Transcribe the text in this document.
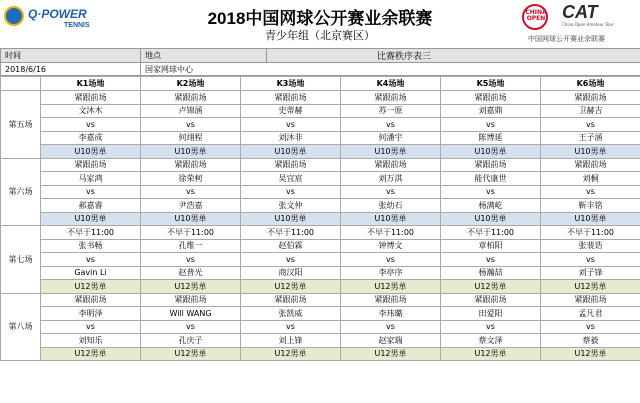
Q·POWER
TENNIS	2018中国网球公开赛业余联赛
青少年组（北京赛区）
CHINA OPEN CAT
China Open Amateur Tour
中国网球公开赛业余联赛
时间	地点	比赛秩序表三
2018/6/16	国家网球中心	
	K1场地	K2场地	K3场地	K4场地	K5场地	K6场地
第五场	紧跟前场	紧跟前场	紧跟前场	紧跟前场	紧跟前场	紧跟前场
	文沐木	卢锦涵	史蒂赫	苏一原	刘嘉鼎	卫赫吉
	vs	vs	vs	vs	vs	vs
	李嘉成	何翊程	刘沐非	何潘宇	陈博延	王子涵
	U10男单	U10男单	U10男单	U10男单	U10男单	U10男单
第六场	紧跟前场	紧跟前场	紧跟前场	紧跟前场	紧跟前场	紧跟前场
	马家鸿	徐荣柯	吴宜宸	刘万淇	能代康世	刘桐
	vs	vs	vs	vs	vs	vs
	郝嘉睿	尹浩嘉	张文仲	张幼石	杨满屹	靳丰铭
	U10男单	U10男单	U10男单	U10男单	U10男单	U10男单
第七场	不早于11:00	不早于11:00	不早于11:00	不早于11:00	不早于11:00	不早于11:00
	张书畅	孔维一	赵伯霖	钟博文	章柏阳	张裴诰
	vs	vs	vs	vs	vs	vs
	Gavin Li	赵普光	商汉阳	李亭序	杨瀚喆	刘子锋
	U12男单	U12男单	U12男单	U12男单	U12男单	U12男单
第八场	紧跟前场	紧跟前场	紧跟前场	紧跟前场	紧跟前场	紧跟前场
	李明泽	Will WANG	张凯威	李玮璐	田爱阳	孟凡君
	vs	vs	vs	vs	vs	vs
	刘知乐	孔庆子	刘上锋	赵家瑞	蔡文泽	蔡毅
	U12男单	U12男单	U12男单	U12男单	U12男单	U12男单
